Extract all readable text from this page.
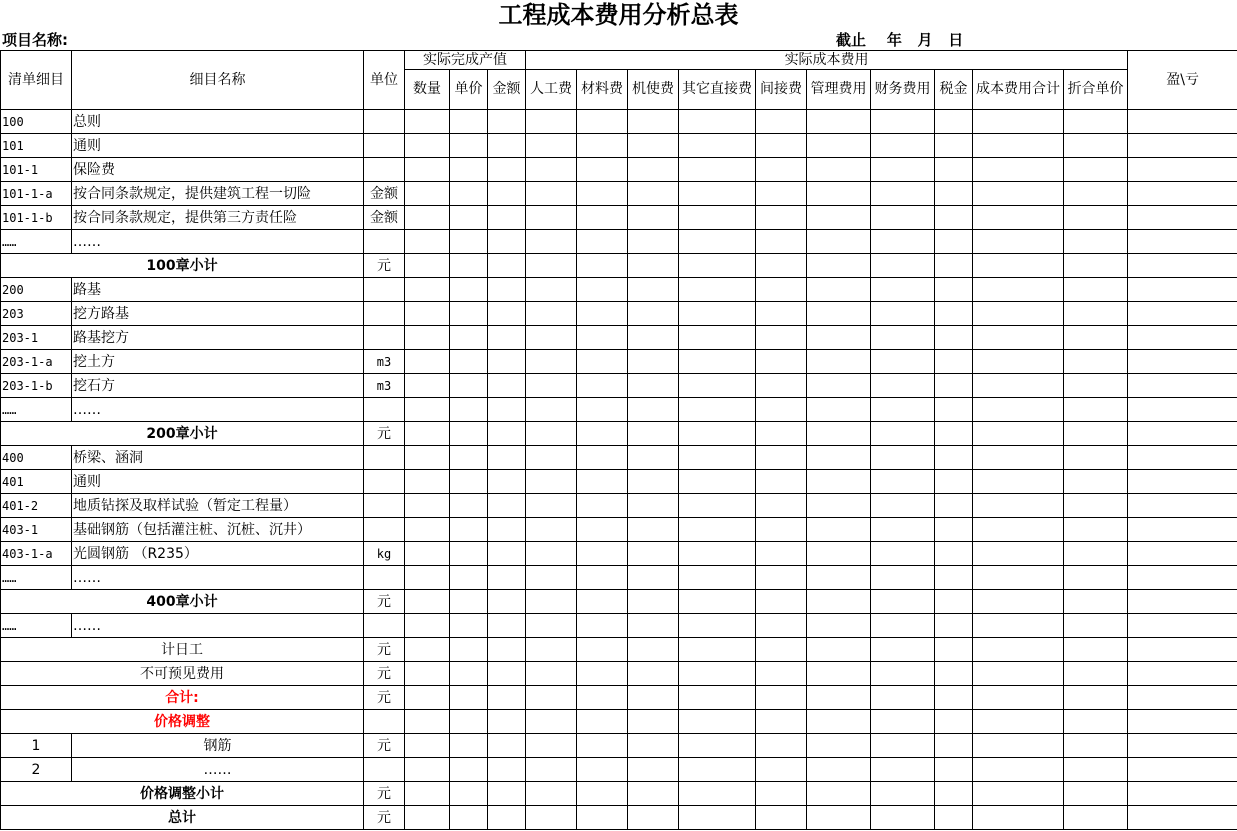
工程成本费用分析总表
项目名称:	截止    年   月   日
清单细目	细目名称	单位	实际完成产值			实际成本费用										盈\亏
			数量	单价	金额	人工费	材料费	机使费	其它直接费	间接费	管理费用	财务费用	税金	成本费用合计	折合单价	
100	总则															
101	通则															
101-1	保险费															
101-1-a	按合同条款规定，提供建筑工程一切险	金额														
101-1-b	按合同条款规定，提供第三方责任险	金额														
……	……															
100章小计		元														
200	路基															
203	挖方路基															
203-1	路基挖方															
203-1-a	挖土方	m3														
203-1-b	挖石方	m3														
……	……															
200章小计		元														
400	桥梁、涵洞															
401	通则															
401-2	地质钻探及取样试验（暂定工程量）															
403-1	基础钢筋（包括灌注桩、沉桩、沉井）															
403-1-a	光圆钢筋 （R235）	kg														
……	……															
400章小计		元														
……	……															
计日工		元														
不可预见费用		元														
合计:		元														
价格调整																
1	钢筋	元														
2	……															
价格调整小计		元														
总计		元														
